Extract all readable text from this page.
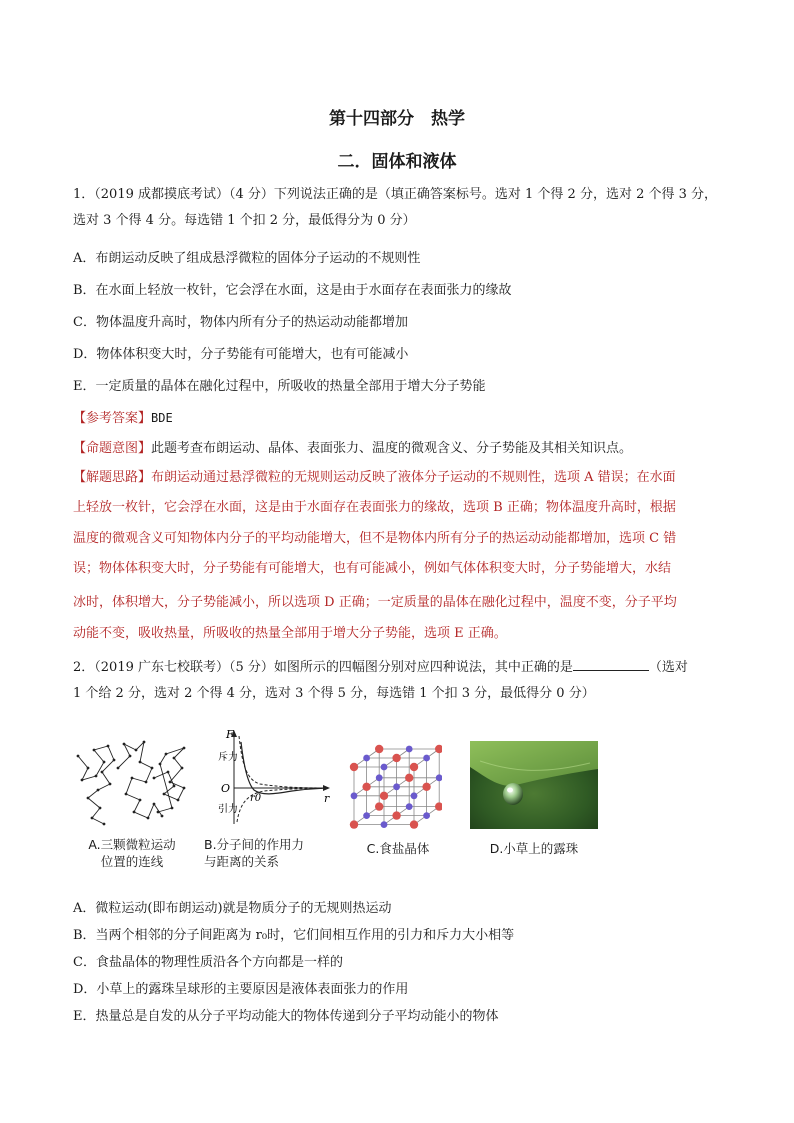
第十四部分　热学
二．固体和液体
1．（2019 成都摸底考试）（4 分）下列说法正确的是（填正确答案标号。选对 1 个得 2 分，选对 2 个得 3 分，
选对 3 个得 4 分。每选错 1 个扣 2 分，最低得分为 0 分）
A．布朗运动反映了组成悬浮微粒的固体分子运动的不规则性
B．在水面上轻放一枚针，它会浮在水面，这是由于水面存在表面张力的缘故
C．物体温度升高时，物体内所有分子的热运动动能都增加
D．物体体积变大时，分子势能有可能增大，也有可能减小
E．一定质量的晶体在融化过程中，所吸收的热量全部用于增大分子势能
【参考答案】BDE
【命题意图】此题考查布朗运动、晶体、表面张力、温度的微观含义、分子势能及其相关知识点。
【解题思路】布朗运动通过悬浮微粒的无规则运动反映了液体分子运动的不规则性，选项 A 错误；在水面
上轻放一枚针，它会浮在水面，这是由于水面存在表面张力的缘故，选项 B 正确；物体温度升高时，根据
温度的微观含义可知物体内分子的平均动能增大，但不是物体内所有分子的热运动动能都增加，选项 C 错
误；物体体积变大时，分子势能有可能增大，也有可能减小，例如气体体积变大时，分子势能增大，水结
冰时，体积增大，分子势能减小，所以选项 D 正确；一定质量的晶体在融化过程中，温度不变，分子平均
动能不变，吸收热量，所吸收的热量全部用于增大分子势能，选项 E 正确。
2．（2019 广东七校联考）（5 分）如图所示的四幅图分别对应四种说法，其中正确的是	（选对
1 个给 2 分，选对 2 个得 4 分，选对 3 个得 5 分，每选错 1 个扣 3 分，最低得分 0 分）
F
r
O
r0
斥力
引力
A.三颗微粒运动
位置的连线
B.分子间的作用力
与距离的关系
C.食盐晶体	D.小草上的露珠
A．微粒运动(即布朗运动)就是物质分子的无规则热运动
B．当两个相邻的分子间距离为 r₀时，它们间相互作用的引力和斥力大小相等
C．食盐晶体的物理性质沿各个方向都是一样的
D．小草上的露珠呈球形的主要原因是液体表面张力的作用
E．热量总是自发的从分子平均动能大的物体传递到分子平均动能小的物体
